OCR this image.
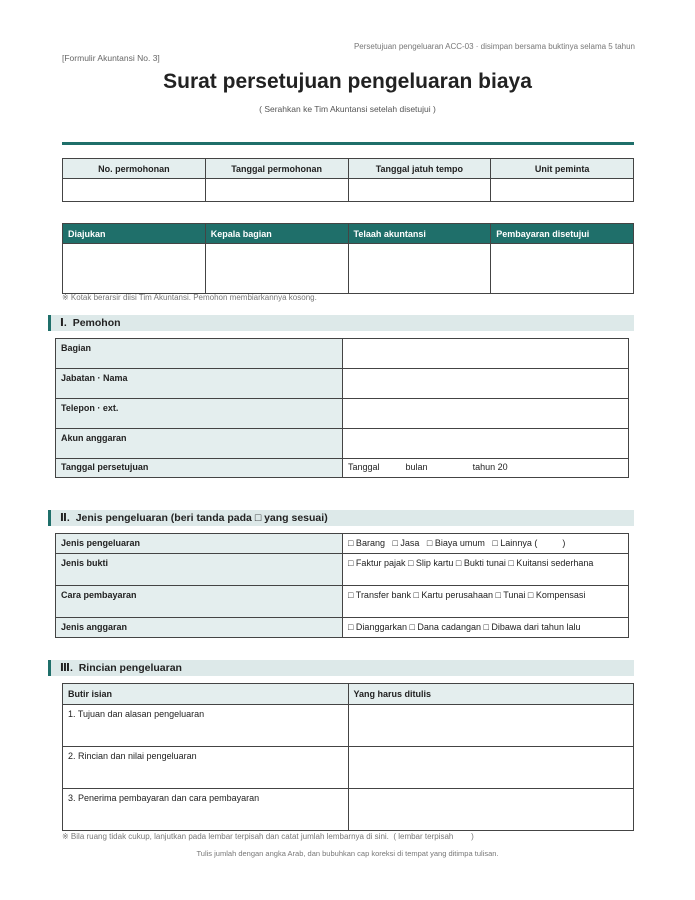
Persetujuan pengeluaran ACC-03 · disimpan bersama buktinya selama 5 tahun
[Formulir Akuntansi No. 3]
Surat persetujuan pengeluaran biaya
( Serahkan ke Tim Akuntansi setelah disetujui )
No. permohonan	Tanggal permohonan	Tanggal jatuh tempo	Unit peminta

Diajukan	Kepala bagian	Telaah akuntansi	Pembayaran disetujui

※ Kotak berarsir diisi Tim Akuntansi. Pemohon membiarkannya kosong.
Ⅰ.  Pemohon
Bagian	
Jabatan · Nama	
Telepon · ext.	
Akun anggaran	
Tanggal persetujuan	Tanggal bulan tahun 20
Ⅱ.  Jenis pengeluaran (beri tanda pada □ yang sesuai)
Jenis pengeluaran	□ Barang   □ Jasa   □ Biaya umum   □ Lainnya (          )
Jenis bukti	□ Faktur pajak □ Slip kartu □ Bukti tunai □ Kuitansi sederhana
Cara pembayaran	□ Transfer bank □ Kartu perusahaan □ Tunai □ Kompensasi
Jenis anggaran	□ Dianggarkan □ Dana cadangan □ Dibawa dari tahun lalu
Ⅲ.  Rincian pengeluaran
Butir isian	Yang harus ditulis
1. Tujuan dan alasan pengeluaran	
2. Rincian dan nilai pengeluaran	
3. Penerima pembayaran dan cara pembayaran	
※ Bila ruang tidak cukup, lanjutkan pada lembar terpisah dan catat jumlah lembarnya di sini.  ( lembar terpisah        )
Tulis jumlah dengan angka Arab, dan bubuhkan cap koreksi di tempat yang ditimpa tulisan.
